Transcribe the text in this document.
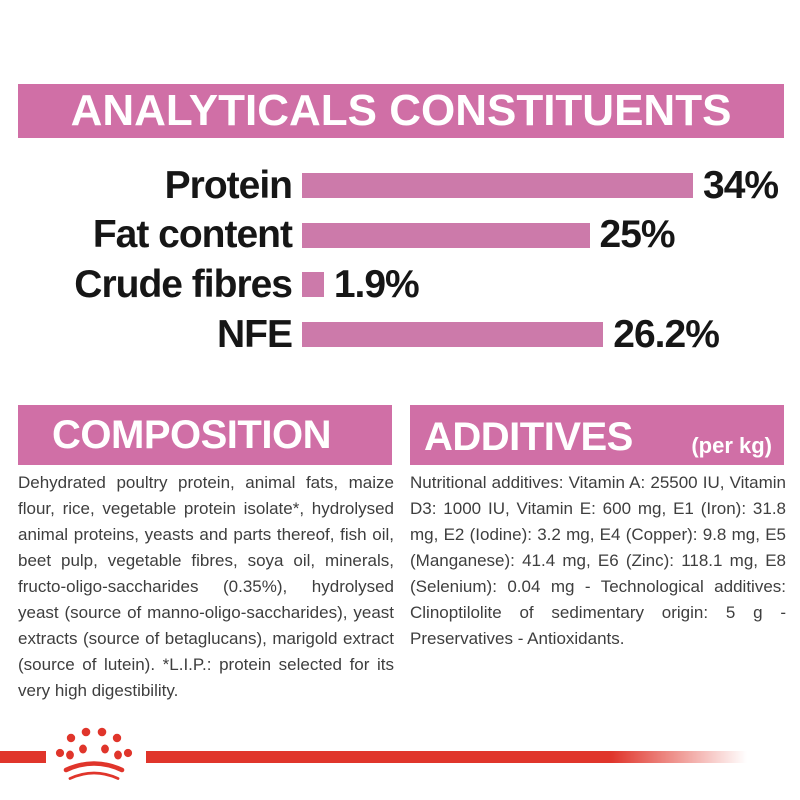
ANALYTICALS CONSTITUENTS
Protein	34%
Fat content	25%
Crude fibres 1.9%
NFE	26.2%
COMPOSITION
Dehydrated poultry protein, animal fats, maize flour, rice, vegetable protein isolate*, hydrolysed animal proteins, yeasts and parts thereof, fish oil, beet pulp, vegetable fibres, soya oil, minerals, fructo-oligo-saccharides (0.35%), hydrolysed yeast (source of manno-oligo-saccharides), yeast extracts (source of betaglucans), marigold extract (source of lutein). *L.I.P.: protein selected for its very high digestibility.
ADDITIVES	(per kg)
Nutritional additives: Vitamin A: 25500 IU, Vitamin D3: 1000 IU, Vitamin E: 600 mg, E1 (Iron): 31.8 mg, E2 (Iodine): 3.2 mg, E4 (Copper): 9.8 mg, E5 (Manganese): 41.4 mg, E6 (Zinc): 118.1 mg, E8 (Selenium): 0.04 mg - Technological additives: Clinoptilolite of sedimentary origin: 5 g - Preservatives - Antioxidants.
